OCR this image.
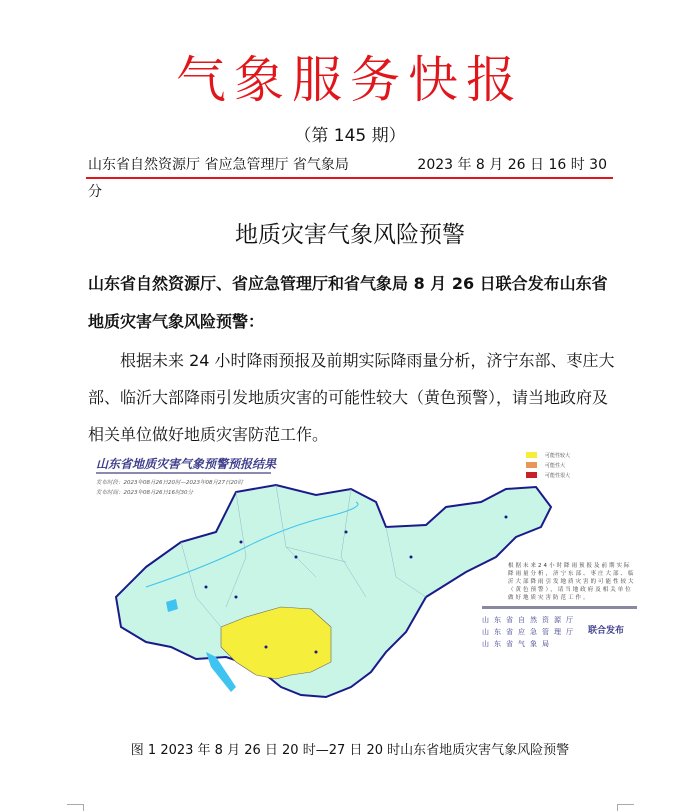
气象服务快报
（第 145 期）
山东省自然资源厅 省应急管理厅 省气象局	2023 年 8 月 26 日 16 时 30
分
地质灾害气象风险预警
山东省自然资源厅、省应急管理厅和省气象局 8 月 26 日联合发布山东省地质灾害气象风险预警：
根据未来 24 小时降雨预报及前期实际降雨量分析，济宁东部、枣庄大部、临沂大部降雨引发地质灾害的可能性较大（黄色预警），请当地政府及相关单位做好地质灾害防范工作。
山东省地质灾害气象预警预报结果
发布时段：2023年08月26日20时—2023年08月27日20时
发布时间：2023年08月26日16时30分
可能性较大
可能性大
可能性很大
根据未来24小时降雨预报及前期实际降雨量分析，济宁东部、枣庄大部、临沂大部降雨引发地质灾害的可能性较大（黄色预警），请当地政府及相关单位做好地质灾害防范工作。
山东省自然资源厅
山东省应急管理厅
山东省气象局
联合发布
图 1 2023 年 8 月 26 日 20 时—27 日 20 时山东省地质灾害气象风险预警
